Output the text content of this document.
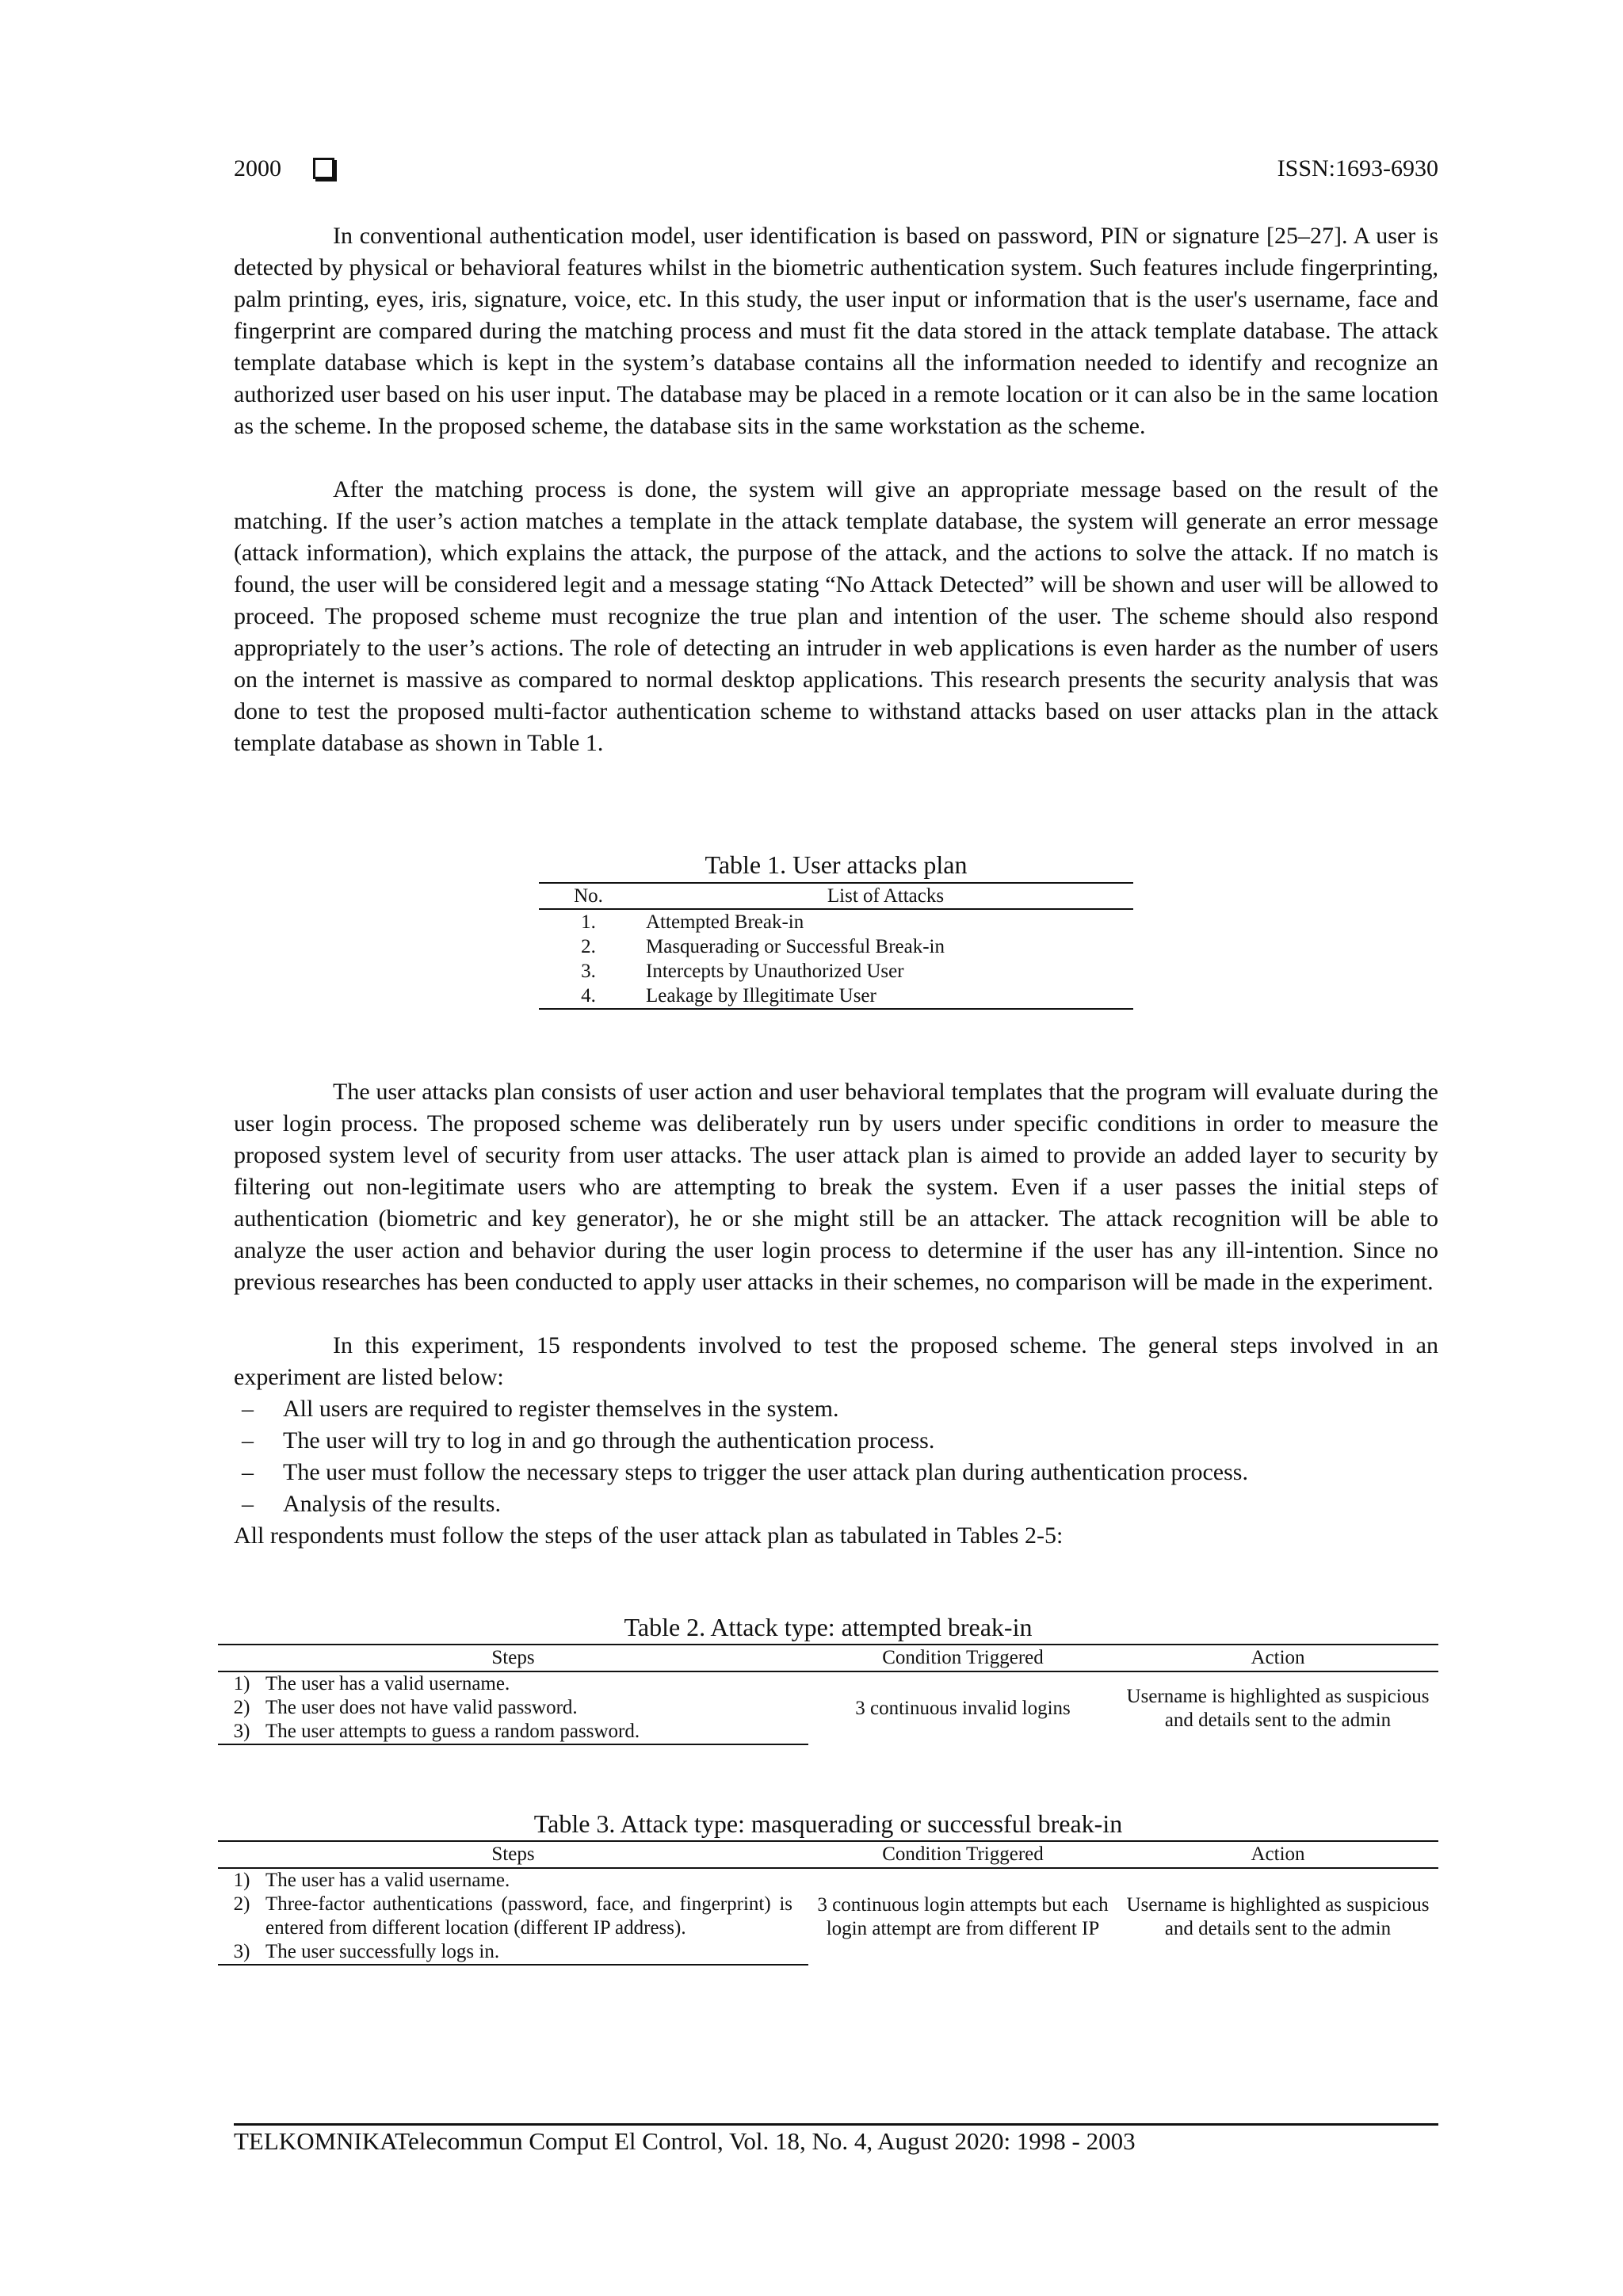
2000	ISSN:1693-6930

In conventional authentication model, user identification is based on password, PIN or signature [25–27]. A user is detected by physical or behavioral features whilst in the biometric authentication system. Such features include fingerprinting, palm printing, eyes, iris, signature, voice, etc. In this study, the user input or information that is the user's username, face and fingerprint are compared during the matching process and must fit the data stored in the attack template database. The attack template database which is kept in the system’s database contains all the information needed to identify and recognize an authorized user based on his user input. The database may be placed in a remote location or it can also be in the same location as the scheme. In the proposed scheme, the database sits in the same workstation as the scheme.

After the matching process is done, the system will give an appropriate message based on the result of the matching. If the user’s action matches a template in the attack template database, the system will generate an error message (attack information), which explains the attack, the purpose of the attack, and the actions to solve the attack. If no match is found, the user will be considered legit and a message stating “No Attack Detected” will be shown and user will be allowed to proceed. The proposed scheme must recognize the true plan and intention of the user. The scheme should also respond appropriately to the user’s actions. The role of detecting an intruder in web applications is even harder as the number of users on the internet is massive as compared to normal desktop applications. This research presents the security analysis that was done to test the proposed multi-factor authentication scheme to withstand attacks based on user attacks plan in the attack template database as shown in Table 1.

Table 1. User attacks plan
No.	List of Attacks
1.	Attempted Break-in
2.	Masquerading or Successful Break-in
3.	Intercepts by Unauthorized User
4.	Leakage by Illegitimate User

The user attacks plan consists of user action and user behavioral templates that the program will evaluate during the user login process. The proposed scheme was deliberately run by users under specific conditions in order to measure the proposed system level of security from user attacks. The user attack plan is aimed to provide an added layer to security by filtering out non-legitimate users who are attempting to break the system. Even if a user passes the initial steps of authentication (biometric and key generator), he or she might still be an attacker. The attack recognition will be able to analyze the user action and behavior during the user login process to determine if the user has any ill-intention. Since no previous researches has been conducted to apply user attacks in their schemes, no comparison will be made in the experiment.

In this experiment, 15 respondents involved to test the proposed scheme. The general steps involved in an experiment are listed below:

– All users are required to register themselves in the system.
– The user will try to log in and go through the authentication process.
– The user must follow the necessary steps to trigger the user attack plan during authentication process.
– Analysis of the results.

All respondents must follow the steps of the user attack plan as tabulated in Tables 2-5:

Table 2. Attack type: attempted break-in
Steps		Condition Triggered	Action
1)	The user has a valid username.	3 continuous invalid logins	Username is highlighted as suspicious and details sent to the admin
2)	The user does not have valid password.		
3)	The user attempts to guess a random password.		
Table 3. Attack type: masquerading or successful break-in
Steps		Condition Triggered	Action
1)	The user has a valid username.	3 continuous login attempts but each login attempt are from different IP	Username is highlighted as suspicious and details sent to the admin
2)	Three-factor authentications (password, face, and fingerprint) is entered from different location (different IP address).		
3)	The user successfully logs in.		
TELKOMNIKATelecommun Comput El Control, Vol. 18, No. 4, August 2020: 1998 - 2003
